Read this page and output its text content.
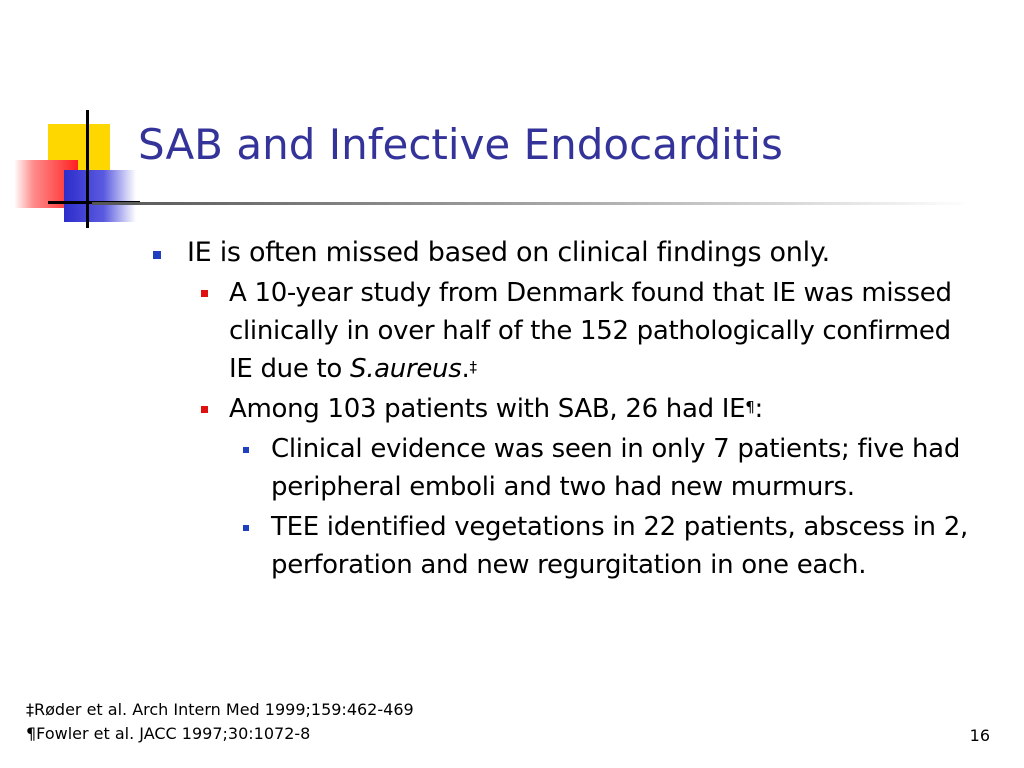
SAB and Infective Endocarditis
IE is often missed based on clinical findings only.
A 10-year study from Denmark found that IE was missed clinically in over half of the 152 pathologically confirmed IE due to S.aureus.‡
Among 103 patients with SAB, 26 had IE¶:
Clinical evidence was seen in only 7 patients; five had peripheral emboli and two had new murmurs.
TEE identified vegetations in 22 patients, abscess in 2, perforation and new regurgitation in one each.
‡Røder et al. Arch Intern Med 1999;159:462-469
¶Fowler et al. JACC 1997;30:1072-8	16
